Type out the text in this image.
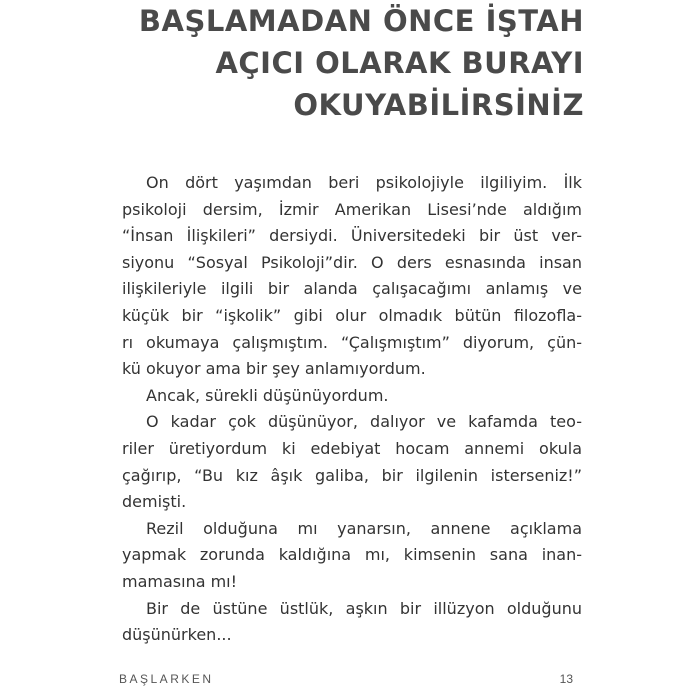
BAŞLAMADAN ÖNCE İŞTAH
AÇICI OLARAK BURAYI
OKUYABİLİRSİNİZ
On dört yaşımdan beri psikolojiyle ilgiliyim. İlk
psikoloji dersim, İzmir Amerikan Lisesi’nde aldığım
“İnsan İlişkileri” dersiydi. Üniversitedeki bir üst ver-
siyonu “Sosyal Psikoloji”dir. O ders esnasında insan
ilişkileriyle ilgili bir alanda çalışacağımı anlamış ve
küçük bir “işkolik” gibi olur olmadık bütün filozofla-
rı okumaya çalışmıştım. “Çalışmıştım” diyorum, çün-
kü okuyor ama bir şey anlamıyordum.
Ancak, sürekli düşünüyordum.
O kadar çok düşünüyor, dalıyor ve kafamda teo-
riler üretiyordum ki edebiyat hocam annemi okula
çağırıp, “Bu kız âşık galiba, bir ilgilenin isterseniz!”
demişti.
Rezil olduğuna mı yanarsın, annene açıklama
yapmak zorunda kaldığına mı, kimsenin sana inan-
mamasına mı!
Bir de üstüne üstlük, aşkın bir illüzyon olduğunu
düşünürken...
BAŞLARKEN	13
